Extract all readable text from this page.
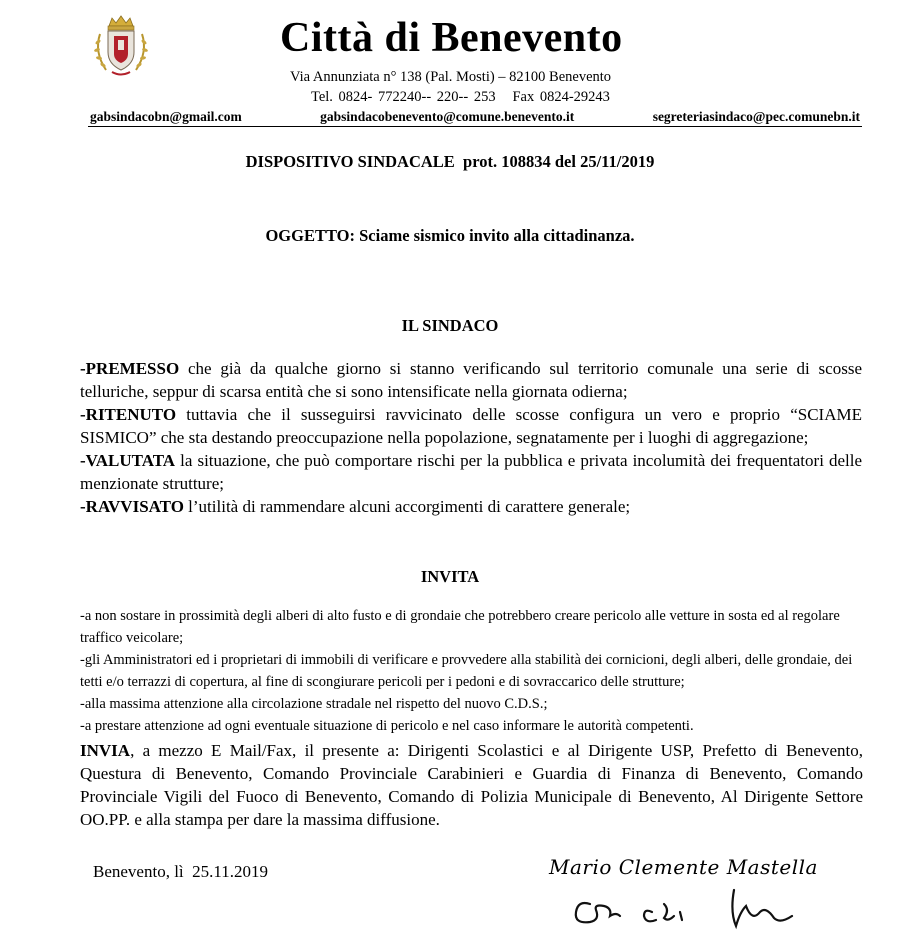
Città di Benevento
Via Annunziata n° 138 (Pal. Mosti) – 82100 Benevento
Tel. 0824- 772240-- 220-- 253   Fax 0824-29243
gabsindacobn@gmail.com	gabsindacobenevento@comune.benevento.it	segreteriasindaco@pec.comunebn.it
DISPOSITIVO SINDACALE  prot. 108834 del 25/11/2019
OGGETTO: Sciame sismico invito alla cittadinanza.
IL SINDACO

-PREMESSO che già da qualche giorno si stanno verificando sul territorio comunale una serie di scosse telluriche, seppur di scarsa entità che si sono intensificate nella giornata odierna;

-RITENUTO tuttavia che il susseguirsi ravvicinato delle scosse configura un vero e proprio “SCIAME SISMICO” che sta destando preoccupazione nella popolazione, segnatamente per i luoghi di aggregazione;

-VALUTATA la situazione, che può comportare rischi per la pubblica e privata incolumità dei frequentatori delle menzionate strutture;

-RAVVISATO l’utilità di rammendare alcuni accorgimenti di carattere generale;

INVITA

-a non sostare in prossimità degli alberi di alto fusto e di grondaie che potrebbero creare pericolo alle vetture in sosta ed al regolare traffico veicolare;

-gli Amministratori ed i proprietari di immobili di verificare e provvedere alla stabilità dei cornicioni, degli alberi, delle grondaie, dei tetti e/o terrazzi di copertura, al fine di scongiurare pericoli per i pedoni e di sovraccarico delle strutture;

-alla massima attenzione alla circolazione stradale nel rispetto del nuovo C.D.S.;

-a prestare attenzione ad ogni eventuale situazione di pericolo e nel caso informare le autorità competenti.

INVIA, a mezzo E Mail/Fax, il presente a: Dirigenti Scolastici e al Dirigente USP, Prefetto di Benevento, Questura di Benevento, Comando Provinciale Carabinieri e Guardia di Finanza di Benevento, Comando Provinciale Vigili del Fuoco di Benevento, Comando di Polizia Municipale di Benevento, Al Dirigente Settore OO.PP. e alla stampa per dare la massima diffusione.
Benevento, lì  25.11.2019	Mario Clemente Mastella
